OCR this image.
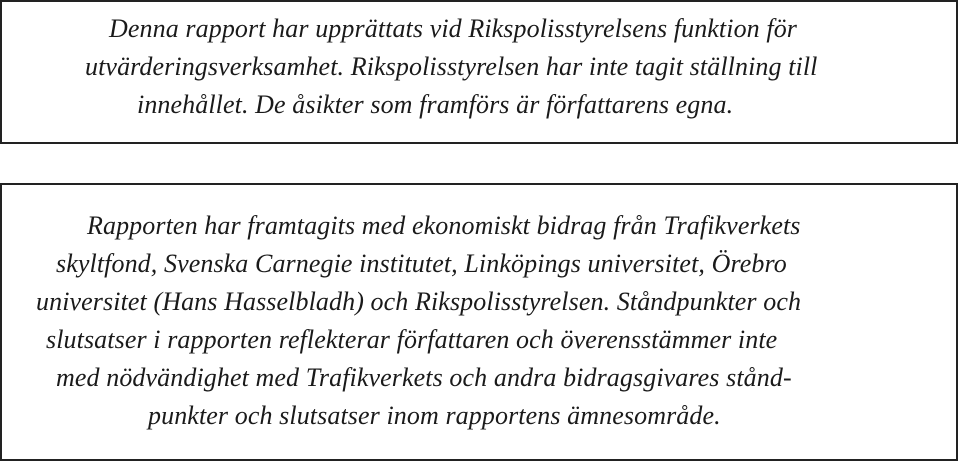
Denna rapport har upprättats vid Rikspolisstyrelsens funktion för
utvärderingsverksamhet. Rikspolisstyrelsen har inte tagit ställning till
innehållet. De åsikter som framförs är författarens egna.
Rapporten har framtagits med ekonomiskt bidrag från Trafikverkets
skyltfond, Svenska Carnegie institutet, Linköpings universitet, Örebro
universitet (Hans Hasselbladh) och Rikspolisstyrelsen. Ståndpunkter och
slutsatser i rapporten reflekterar författaren och överensstämmer inte
med nödvändighet med Trafikverkets och andra bidragsgivares stånd-
punkter och slutsatser inom rapportens ämnesområde.
